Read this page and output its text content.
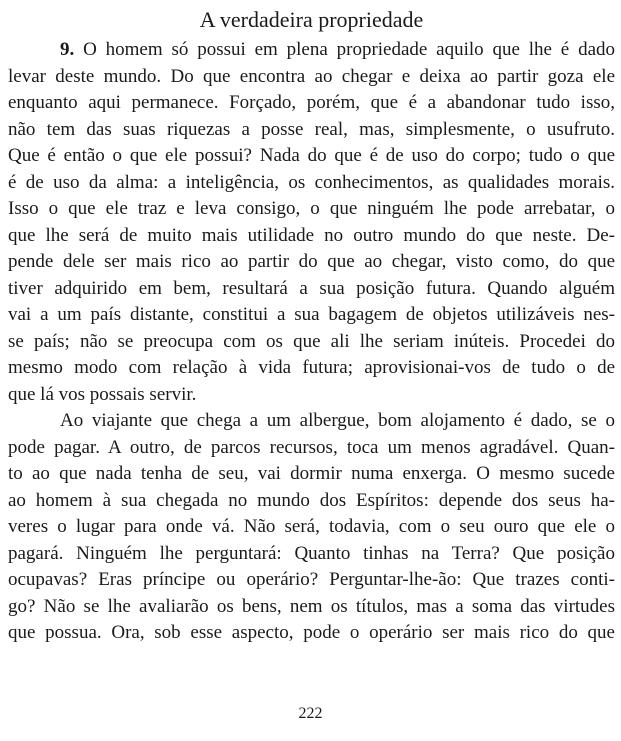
A verdadeira propriedade
9. O homem só possui em plena propriedade aquilo que lhe é dado
levar deste mundo. Do que encontra ao chegar e deixa ao partir goza ele
enquanto aqui permanece. Forçado, porém, que é a abandonar tudo isso,
não tem das suas riquezas a posse real, mas, simplesmente, o usufruto.
Que é então o que ele possui? Nada do que é de uso do corpo; tudo o que
é de uso da alma: a inteligência, os conhecimentos, as qualidades morais.
Isso o que ele traz e leva consigo, o que ninguém lhe pode arrebatar, o
que lhe será de muito mais utilidade no outro mundo do que neste. De-
pende dele ser mais rico ao partir do que ao chegar, visto como, do que
tiver adquirido em bem, resultará a sua posição futura. Quando alguém
vai a um país distante, constitui a sua bagagem de objetos utilizáveis nes-
se país; não se preocupa com os que ali lhe seriam inúteis. Procedei do
mesmo modo com relação à vida futura; aprovisionai-vos de tudo o de
que lá vos possais servir.
Ao viajante que chega a um albergue, bom alojamento é dado, se o
pode pagar. A outro, de parcos recursos, toca um menos agradável. Quan-
to ao que nada tenha de seu, vai dormir numa enxerga. O mesmo sucede
ao homem à sua chegada no mundo dos Espíritos: depende dos seus ha-
veres o lugar para onde vá. Não será, todavia, com o seu ouro que ele o
pagará. Ninguém lhe perguntará: Quanto tinhas na Terra? Que posição
ocupavas? Eras príncipe ou operário? Perguntar-lhe-ão: Que trazes conti-
go? Não se lhe avaliarão os bens, nem os títulos, mas a soma das virtudes
que possua. Ora, sob esse aspecto, pode o operário ser mais rico do que
222
